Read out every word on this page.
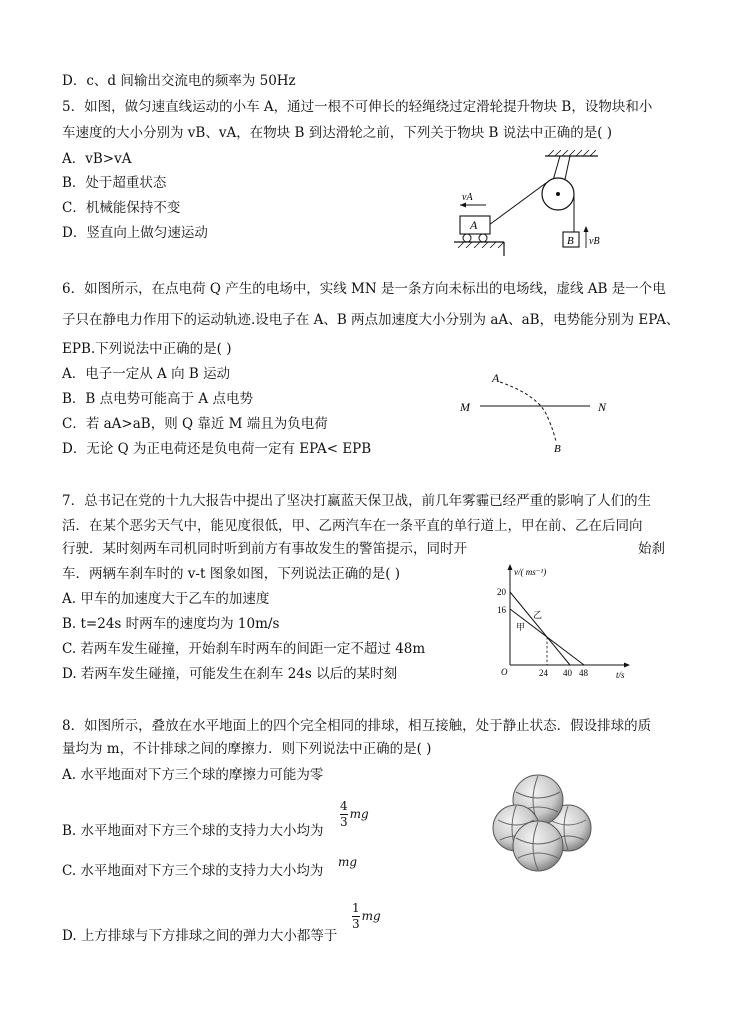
D．c、d 间输出交流电的频率为 50Hz
5．如图，做匀速直线运动的小车 A，通过一根不可伸长的轻绳绕过定滑轮提升物块 B，设物块和小
车速度的大小分别为 vB、vA，在物块 B 到达滑轮之前，下列关于物块 B 说法中正确的是( )
A．vB>vA
B．处于超重状态
C．机械能保持不变
D．竖直向上做匀速运动
vA
A
B vB
6．如图所示，在点电荷 Q 产生的电场中，实线 MN 是一条方向未标出的电场线，虚线 AB 是一个电
子只在静电力作用下的运动轨迹.设电子在 A、B 两点加速度大小分别为 aA、aB，电势能分别为 EPA、
EPB.下列说法中正确的是( )
A．电子一定从 A 向 B 运动
B．B 点电势可能高于 A 点电势
C．若 aA>aB，则 Q 靠近 M 端且为负电荷
D．无论 Q 为正电荷还是负电荷一定有 EPA< EPB
A
M	N
B
7．总书记在党的十九大报告中提出了坚决打赢蓝天保卫战，前几年雾霾已经严重的影响了人们的生
活．在某个恶劣天气中，能见度很低，甲、乙两汽车在一条平直的单行道上，甲在前、乙在后同向
行驶．某时刻两车司机同时听到前方有事故发生的警笛提示，同时开	始刹
车．两辆车刹车时的 v-t 图象如图，下列说法正确的是( )
A. 甲车的加速度大于乙车的加速度
B. t=24s 时两车的速度均为 10m/s
C. 若两车发生碰撞，开始刹车时两车的间距一定不超过 48m
D. 若两车发生碰撞，可能发生在刹车 24s 以后的某时刻
v/( ms⁻¹)
t/s
O
20
16
24 40 48
乙
甲
8．如图所示，叠放在水平地面上的四个完全相同的排球，相互接触，处于静止状态．假设排球的质
量均为 m，不计排球之间的摩擦力．则下列说法中正确的是( )
A. 水平地面对下方三个球的摩擦力可能为零
B. 水平地面对下方三个球的支持力大小均为
$\frac{4}{3}$ mg
C. 水平地面对下方三个球的支持力大小均为
mg
D. 上方排球与下方排球之间的弹力大小都等于
$\frac{1}{3}$ mg
